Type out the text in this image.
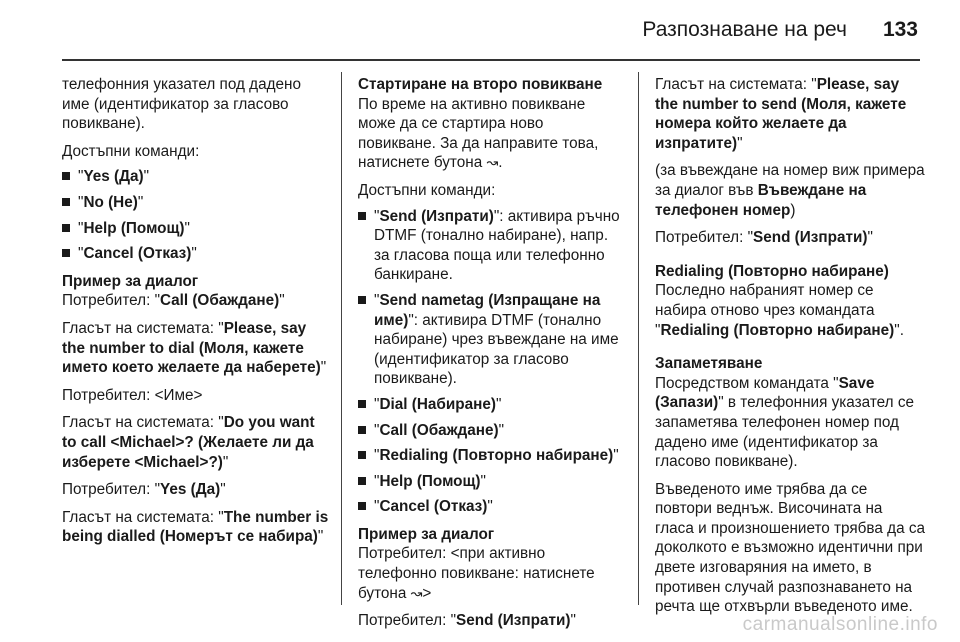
Разпознаване на реч 133

телефонния указател под дадено име (идентификатор за гласово повикване).

Достъпни команди:

"Yes (Да)"
"No (Не)"
"Help (Помощ)"
"Cancel (Отказ)"
Пример за диалог

Потребител: "Call (Обаждане)"

Гласът на системата: "Please, say the number to dial (Моля, кажете името което желаете да наберете)"

Потребител: <Име>

Гласът на системата: "Do you want to call <Michael>? (Желаете ли да изберете <Michael>?)"

Потребител: "Yes (Да)"

Гласът на системата: "The number is being dialled (Номерът се набира)"

Стартиране на второ повикване

По време на активно повикване може да се стартира ново повикване. За да направите това, натиснете бутона ↝.

Достъпни команди:

"Send (Изпрати)": активира ръчно DTMF (тонално набиране), напр. за гласова поща или телефонно банкиране.
"Send nametag (Изпращане на име)": активира DTMF (тонално набиране) чрез въвеждане на име (идентификатор за гласово повикване).
"Dial (Набиране)"
"Call (Обаждане)"
"Redialing (Повторно набиране)"
"Help (Помощ)"
"Cancel (Отказ)"
Пример за диалог

Потребител: <при активно телефонно повикване: натиснете бутона ↝>

Потребител: "Send (Изпрати)"

Гласът на системата: "Please, say the number to send (Моля, кажете номера който желаете да изпратите)"

(за въвеждане на номер виж примера за диалог във Въвеждане на телефонен номер)

Потребител: "Send (Изпрати)"

Redialing (Повторно набиране)

Последно набраният номер се набира отново чрез командата "Redialing (Повторно набиране)".

Запаметяване

Посредством командата "Save (Запази)" в телефонния указател се запаметява телефонен номер под дадено име (идентификатор за гласово повикване).

Въведеното име трябва да се повтори веднъж. Височината на гласа и произношението трябва да са доколкото е възможно идентични при двете изговаряния на името, в противен случай разпознаването на речта ще отхвърли въведеното име.

carmanualsonline.info
